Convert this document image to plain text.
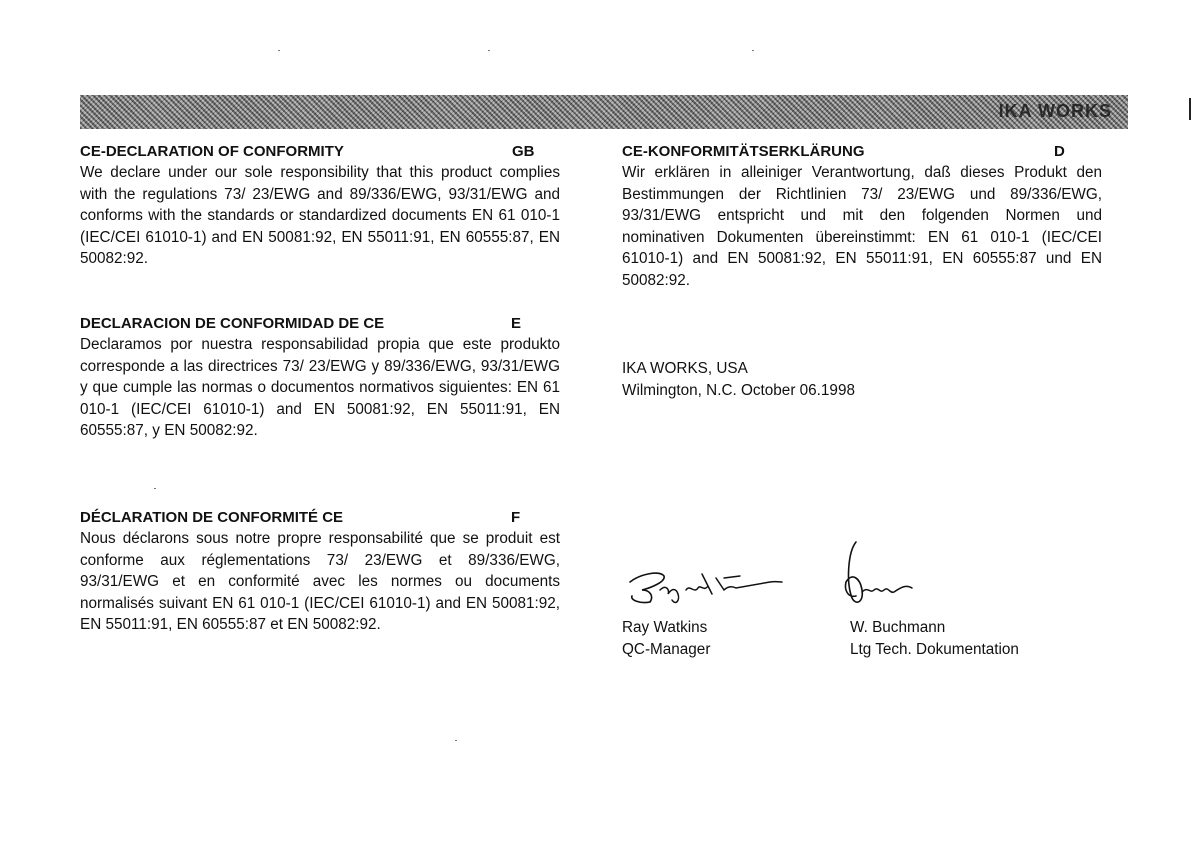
IKA WORKS
CE-DECLARATION OF CONFORMITY	GB

We declare under our sole responsibility that this product complies with the regulations 73/ 23/EWG and 89/336/EWG, 93/31/EWG and conforms with the standards or standardized documents EN 61 010-1 (IEC/CEI 61010-1) and EN 50081:92, EN 55011:91, EN 60555:87, EN 50082:92.

DECLARACION DE CONFORMIDAD DE CE	E

Declaramos por nuestra responsabilidad propia que este produkto corresponde a las directrices 73/ 23/EWG y 89/336/EWG, 93/31/EWG y que cumple las normas o documentos normativos siguientes: EN 61 010-1 (IEC/CEI 61010-1) and EN 50081:92, EN 55011:91, EN 60555:87, y EN 50082:92.

DÉCLARATION DE CONFORMITÉ CE	F

Nous déclarons sous notre propre responsabilité que se produit est conforme aux réglementations 73/ 23/EWG et 89/336/EWG, 93/31/EWG et en conformité avec les normes ou documents normalisés suivant EN 61 010-1 (IEC/CEI 61010-1) and EN 50081:92, EN 55011:91, EN 60555:87 et EN 50082:92.

CE-KONFORMITÄTSERKLÄRUNG	D

Wir erklären in alleiniger Verantwortung, daß dieses Produkt den Bestimmungen der Richtlinien 73/ 23/EWG und 89/336/EWG, 93/31/EWG entspricht und mit den folgenden Normen und nominativen Dokumenten übereinstimmt: EN 61 010-1 (IEC/CEI 61010-1) and EN 50081:92, EN 55011:91, EN 60555:87 und EN 50082:92.

IKA WORKS, USA
Wilmington, N.C. October 06.1998
Ray Watkins
QC-Manager
W. Buchmann
Ltg Tech. Dokumentation
